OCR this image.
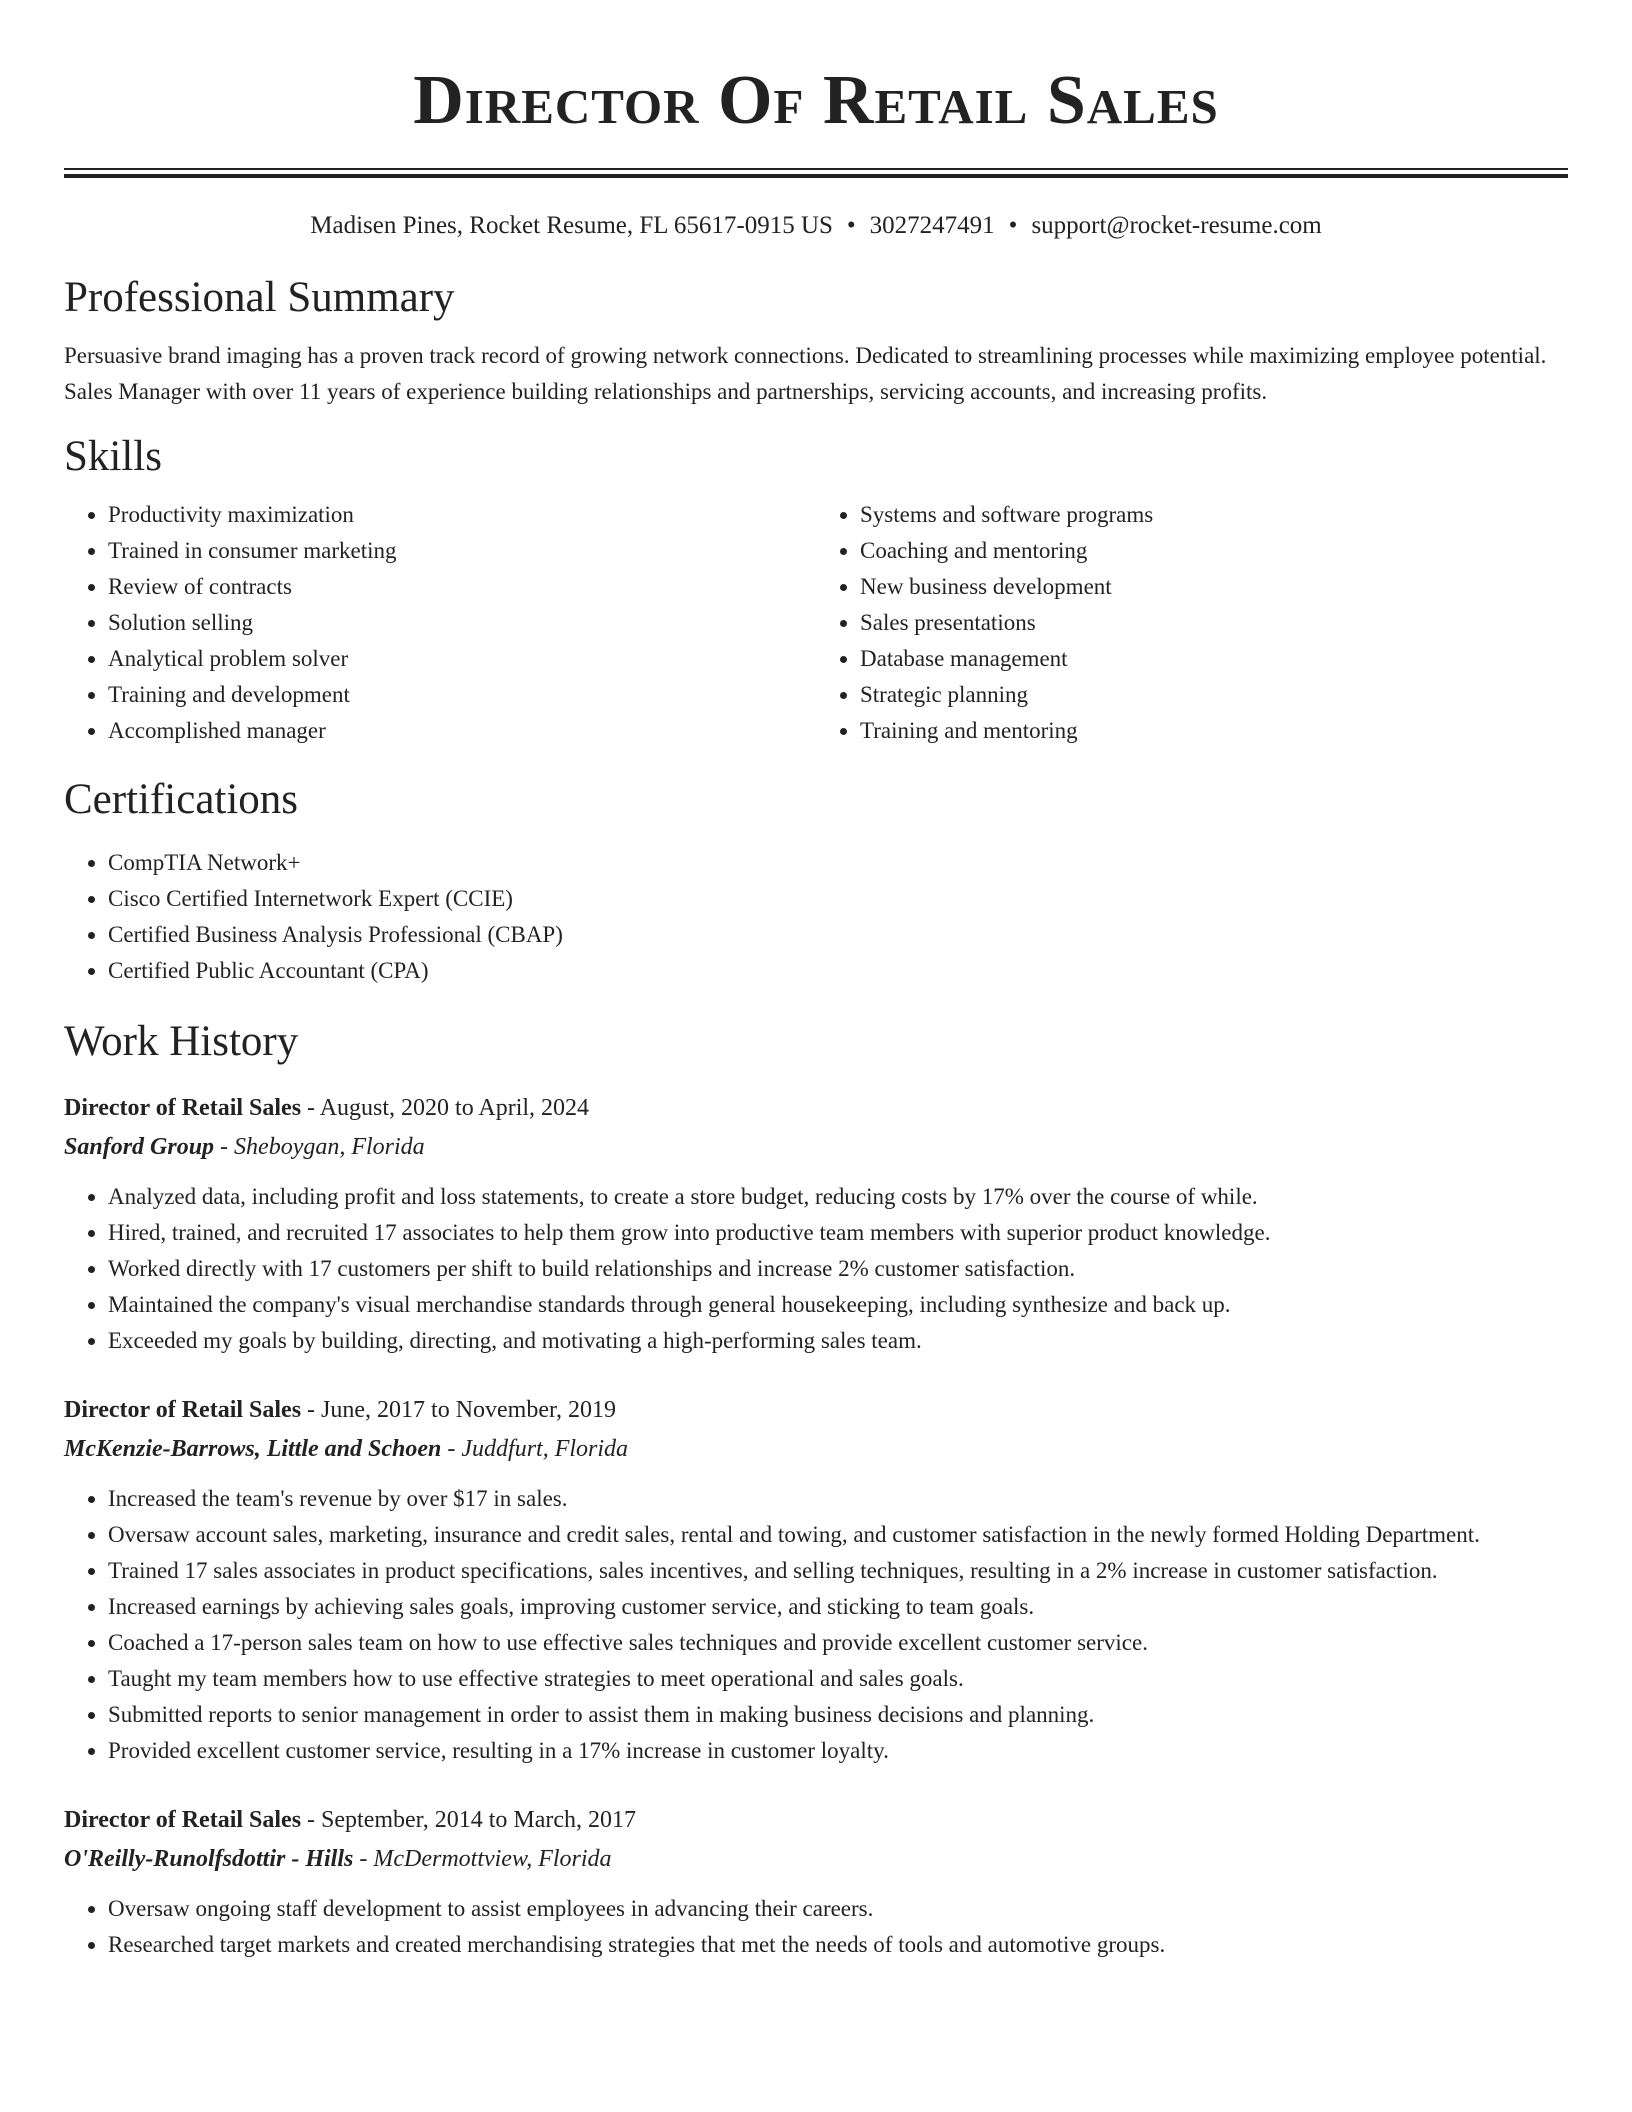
Director Of Retail Sales
Madisen Pines, Rocket Resume, FL 65617-0915 US • 3027247491 • support@rocket-resume.com
Professional Summary
Persuasive brand imaging has a proven track record of growing network connections. Dedicated to streamlining processes while maximizing employee potential. Sales Manager with over 11 years of experience building relationships and partnerships, servicing accounts, and increasing profits.
Skills
• Productivity maximization
• Trained in consumer marketing
• Review of contracts
• Solution selling
• Analytical problem solver
• Training and development
• Accomplished manager
• Systems and software programs
• Coaching and mentoring
• New business development
• Sales presentations
• Database management
• Strategic planning
• Training and mentoring
Certifications
• CompTIA Network+
• Cisco Certified Internetwork Expert (CCIE)
• Certified Business Analysis Professional (CBAP)
• Certified Public Accountant (CPA)
Work History
Director of Retail Sales - August, 2020 to April, 2024
Sanford Group - Sheboygan, Florida
• Analyzed data, including profit and loss statements, to create a store budget, reducing costs by 17% over the course of while.
• Hired, trained, and recruited 17 associates to help them grow into productive team members with superior product knowledge.
• Worked directly with 17 customers per shift to build relationships and increase 2% customer satisfaction.
• Maintained the company's visual merchandise standards through general housekeeping, including synthesize and back up.
• Exceeded my goals by building, directing, and motivating a high-performing sales team.
Director of Retail Sales - June, 2017 to November, 2019
McKenzie-Barrows, Little and Schoen - Juddfurt, Florida
• Increased the team's revenue by over $17 in sales.
• Oversaw account sales, marketing, insurance and credit sales, rental and towing, and customer satisfaction in the newly formed Holding Department.
• Trained 17 sales associates in product specifications, sales incentives, and selling techniques, resulting in a 2% increase in customer satisfaction.
• Increased earnings by achieving sales goals, improving customer service, and sticking to team goals.
• Coached a 17-person sales team on how to use effective sales techniques and provide excellent customer service.
• Taught my team members how to use effective strategies to meet operational and sales goals.
• Submitted reports to senior management in order to assist them in making business decisions and planning.
• Provided excellent customer service, resulting in a 17% increase in customer loyalty.
Director of Retail Sales - September, 2014 to March, 2017
O'Reilly-Runolfsdottir - Hills - McDermottview, Florida
• Oversaw ongoing staff development to assist employees in advancing their careers.
• Researched target markets and created merchandising strategies that met the needs of tools and automotive groups.
